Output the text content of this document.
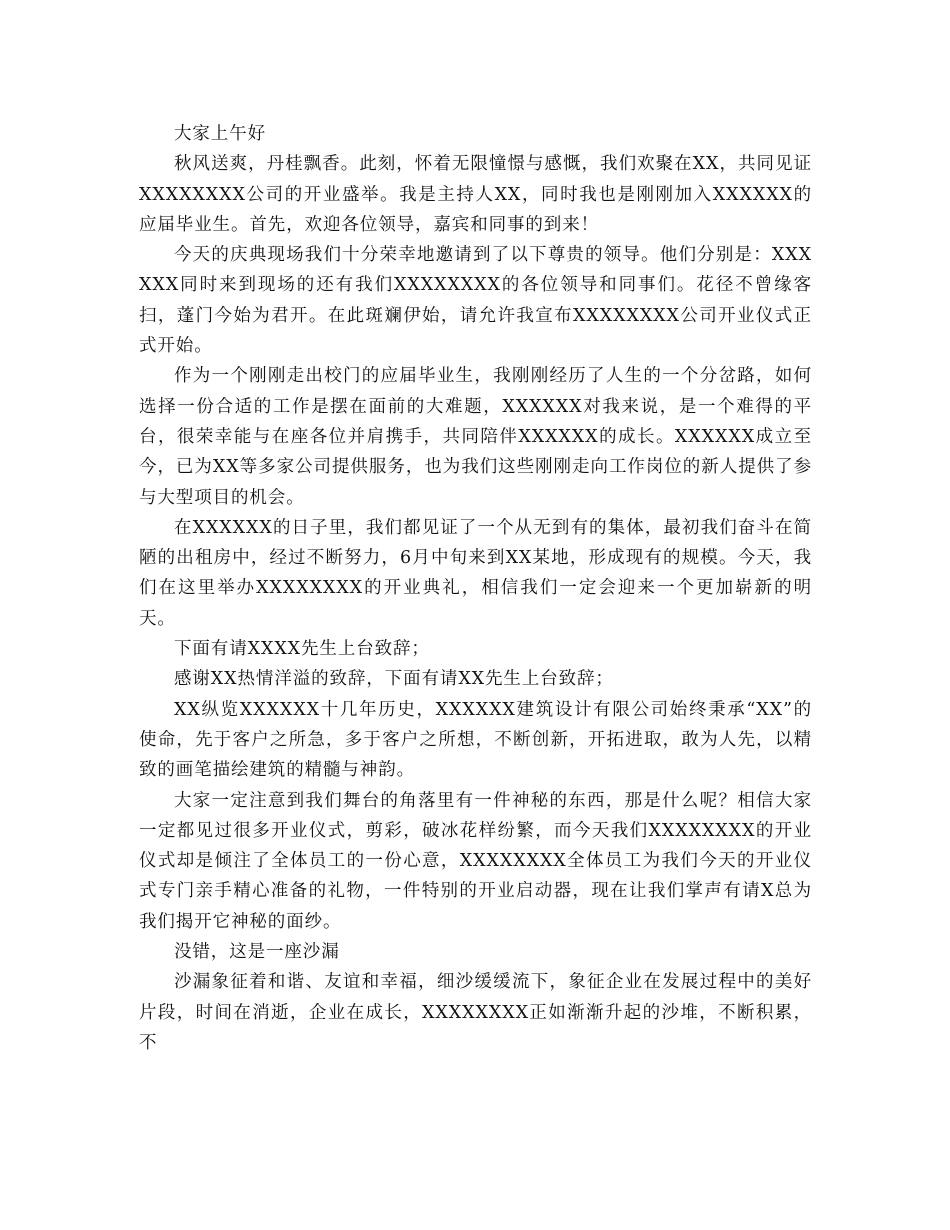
大家上午好

秋风送爽，丹桂飘香。此刻，怀着无限憧憬与感慨，我们欢聚在XX，共同见证XXXXXXXX公司的开业盛举。我是主持人XX，同时我也是刚刚加入XXXXXX的应届毕业生。首先，欢迎各位领导，嘉宾和同事的到来！

今天的庆典现场我们十分荣幸地邀请到了以下尊贵的领导。他们分别是：XXXXXX同时来到现场的还有我们XXXXXXXX的各位领导和同事们。花径不曾缘客扫，蓬门今始为君开。在此斑斓伊始，请允许我宣布XXXXXXXX公司开业仪式正式开始。

作为一个刚刚走出校门的应届毕业生，我刚刚经历了人生的一个分岔路，如何选择一份合适的工作是摆在面前的大难题，XXXXXX对我来说，是一个难得的平台，很荣幸能与在座各位并肩携手，共同陪伴XXXXXX的成长。XXXXXX成立至今，已为XX等多家公司提供服务，也为我们这些刚刚走向工作岗位的新人提供了参与大型项目的机会。

在XXXXXX的日子里，我们都见证了一个从无到有的集体，最初我们奋斗在简陋的出租房中，经过不断努力，6月中旬来到XX某地，形成现有的规模。今天，我们在这里举办XXXXXXXX的开业典礼，相信我们一定会迎来一个更加崭新的明天。

下面有请XXXX先生上台致辞；

感谢XX热情洋溢的致辞，下面有请XX先生上台致辞；

XX纵览XXXXXX十几年历史，XXXXXX建筑设计有限公司始终秉承“XX”的使命，先于客户之所急，多于客户之所想，不断创新，开拓进取，敢为人先，以精致的画笔描绘建筑的精髓与神韵。

大家一定注意到我们舞台的角落里有一件神秘的东西，那是什么呢？相信大家一定都见过很多开业仪式，剪彩，破冰花样纷繁，而今天我们XXXXXXXX的开业仪式却是倾注了全体员工的一份心意，XXXXXXXX全体员工为我们今天的开业仪式专门亲手精心准备的礼物，一件特别的开业启动器，现在让我们掌声有请X总为我们揭开它神秘的面纱。

没错，这是一座沙漏

沙漏象征着和谐、友谊和幸福，细沙缓缓流下，象征企业在发展过程中的美好片段，时间在消逝，企业在成长，XXXXXXXX正如渐渐升起的沙堆，不断积累，不
